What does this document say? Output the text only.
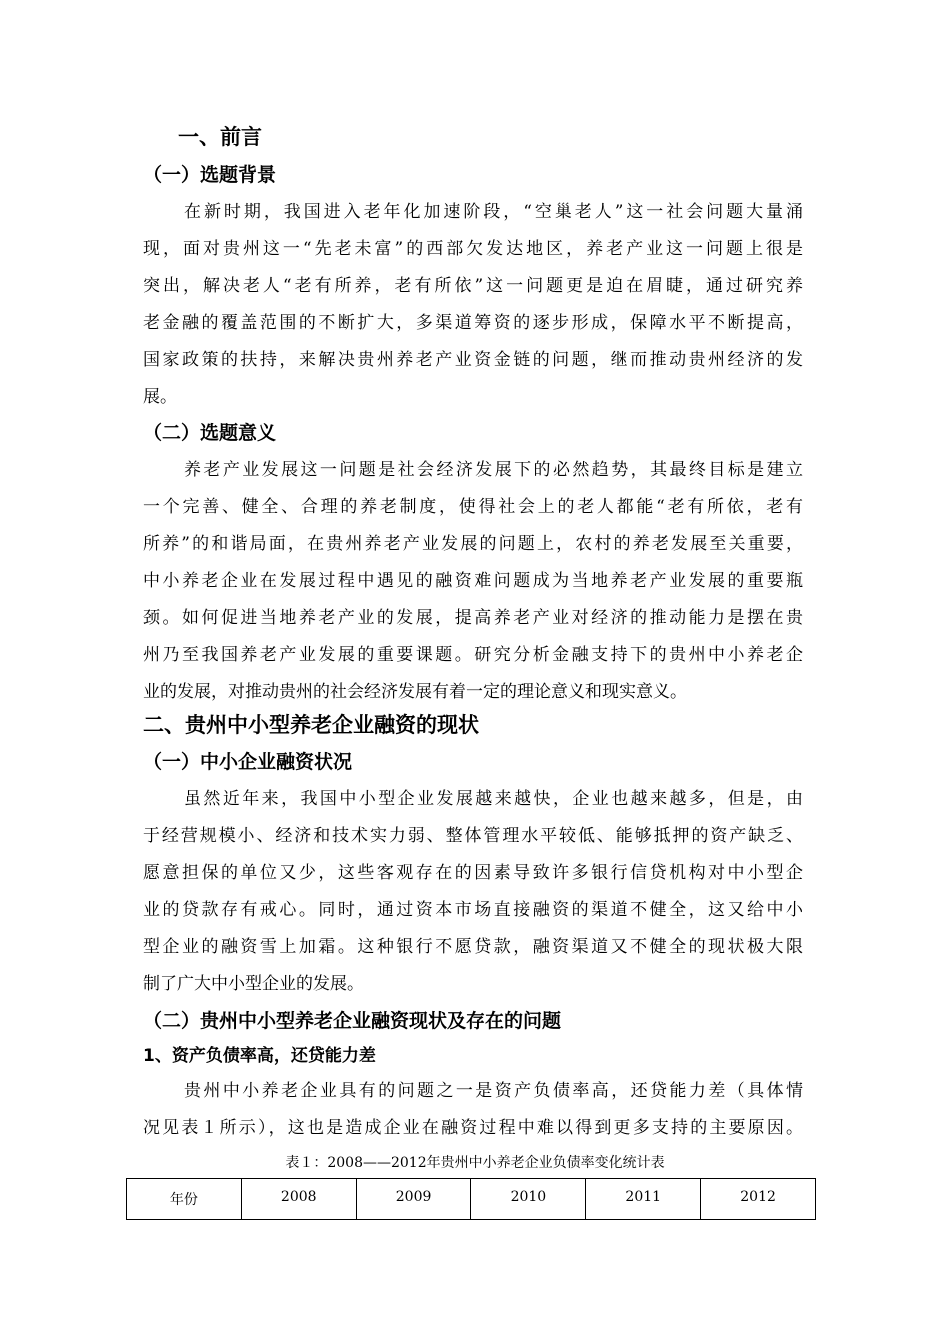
一、前言
（一）选题背景
在新时期，我国进入老年化加速阶段，“空巢老人”这一社会问题大量涌
现，面对贵州这一“先老未富”的西部欠发达地区，养老产业这一问题上很是
突出，解决老人“老有所养，老有所依”这一问题更是迫在眉睫，通过研究养
老金融的覆盖范围的不断扩大，多渠道筹资的逐步形成，保障水平不断提高，
国家政策的扶持，来解决贵州养老产业资金链的问题，继而推动贵州经济的发
展。
（二）选题意义
养老产业发展这一问题是社会经济发展下的必然趋势，其最终目标是建立
一个完善、健全、合理的养老制度，使得社会上的老人都能“老有所依，老有
所养”的和谐局面，在贵州养老产业发展的问题上，农村的养老发展至关重要，
中小养老企业在发展过程中遇见的融资难问题成为当地养老产业发展的重要瓶
颈。如何促进当地养老产业的发展，提高养老产业对经济的推动能力是摆在贵
州乃至我国养老产业发展的重要课题。研究分析金融支持下的贵州中小养老企
业的发展，对推动贵州的社会经济发展有着一定的理论意义和现实意义。
二、贵州中小型养老企业融资的现状
（一）中小企业融资状况
虽然近年来，我国中小型企业发展越来越快，企业也越来越多，但是，由
于经营规模小、经济和技术实力弱、整体管理水平较低、能够抵押的资产缺乏、
愿意担保的单位又少，这些客观存在的因素导致许多银行信贷机构对中小型企
业的贷款存有戒心。同时，通过资本市场直接融资的渠道不健全，这又给中小
型企业的融资雪上加霜。这种银行不愿贷款，融资渠道又不健全的现状极大限
制了广大中小型企业的发展。
（二）贵州中小型养老企业融资现状及存在的问题
1、资产负债率高，还贷能力差
贵州中小养老企业具有的问题之一是资产负债率高，还贷能力差（具体情
况见表１所示），这也是造成企业在融资过程中难以得到更多支持的主要原因。
表１：2008——2012年贵州中小养老企业负债率变化统计表
年份	2008	2009	2010	2011	2012
